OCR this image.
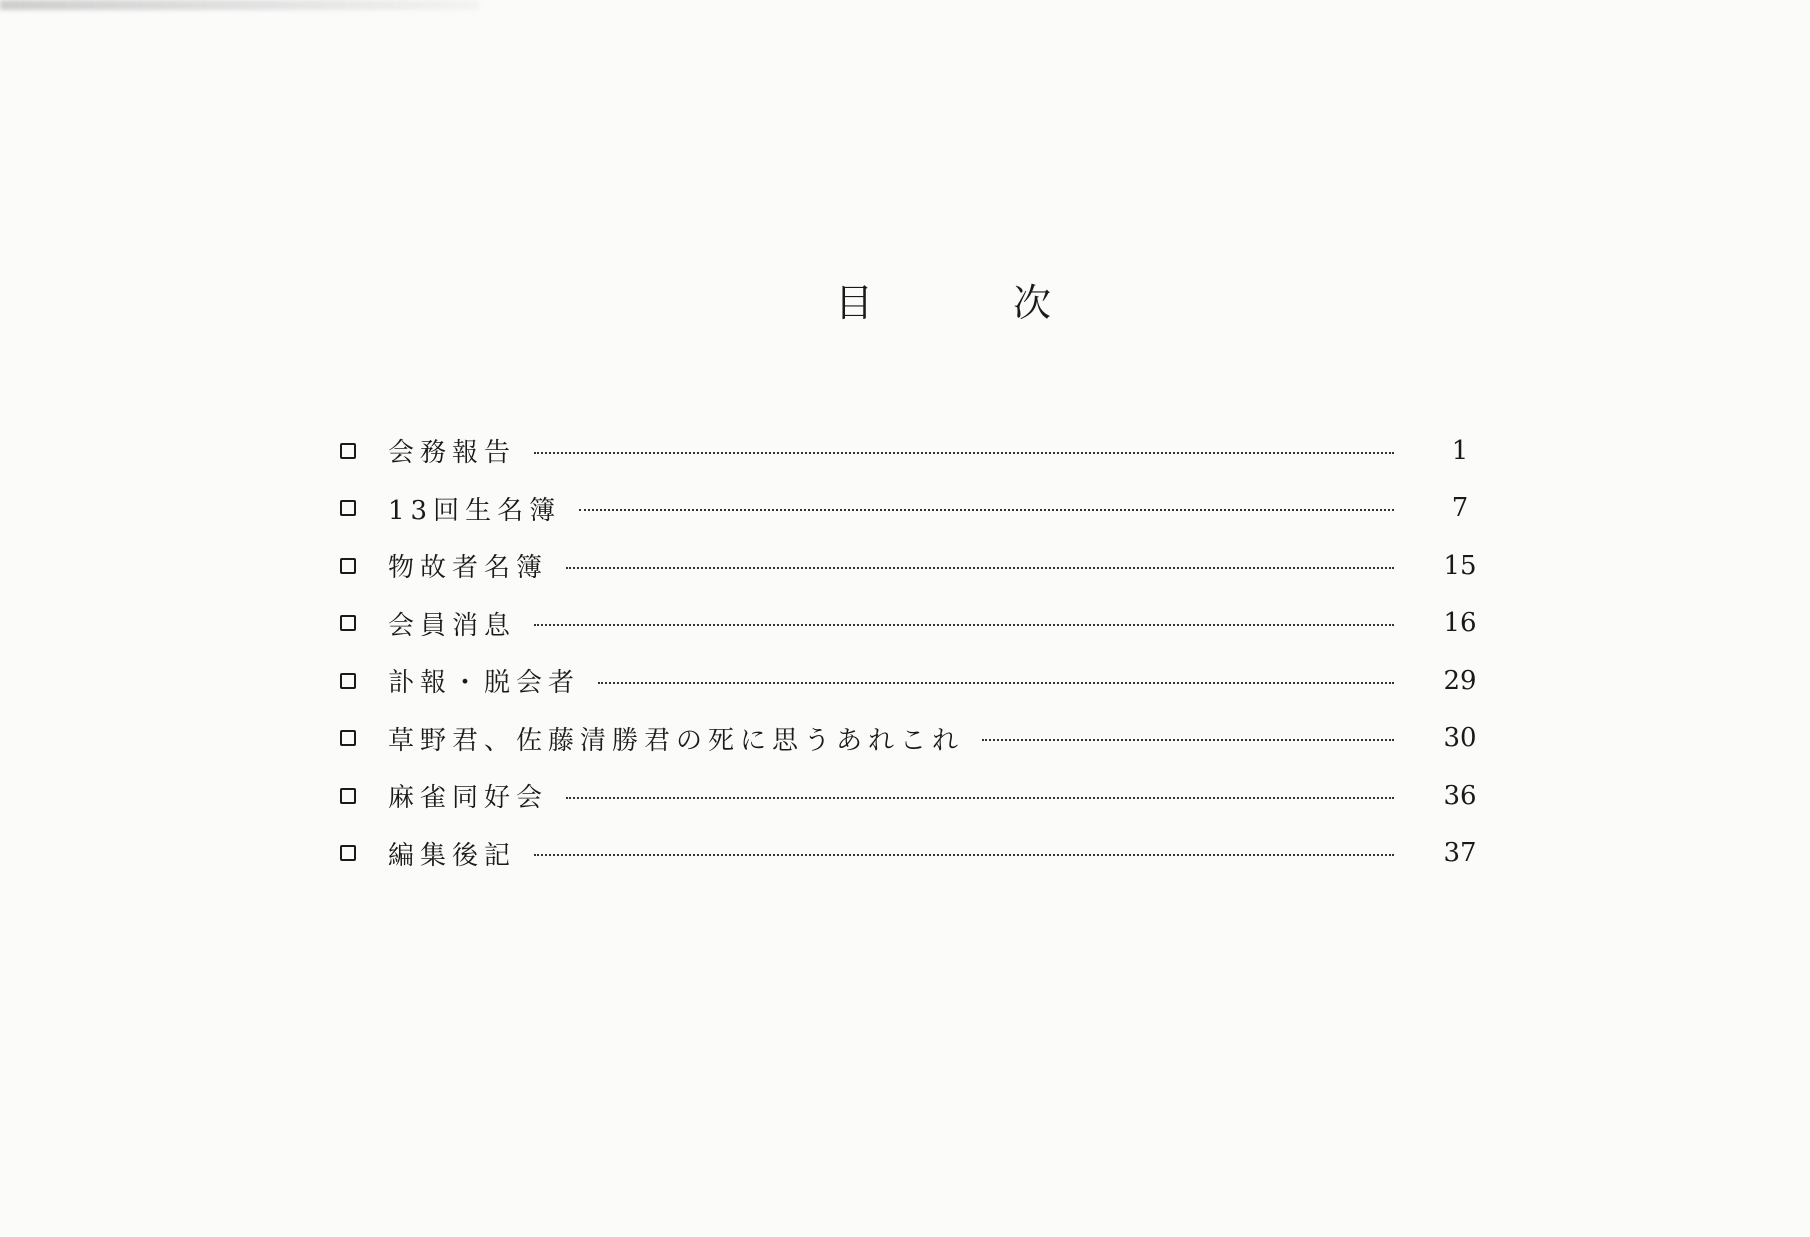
目	次
会務報告	1
13回生名簿	7
物故者名簿	15
会員消息	16
訃報・脱会者	29
草野君、佐藤清勝君の死に思うあれこれ	30
麻雀同好会	36
編集後記	37
